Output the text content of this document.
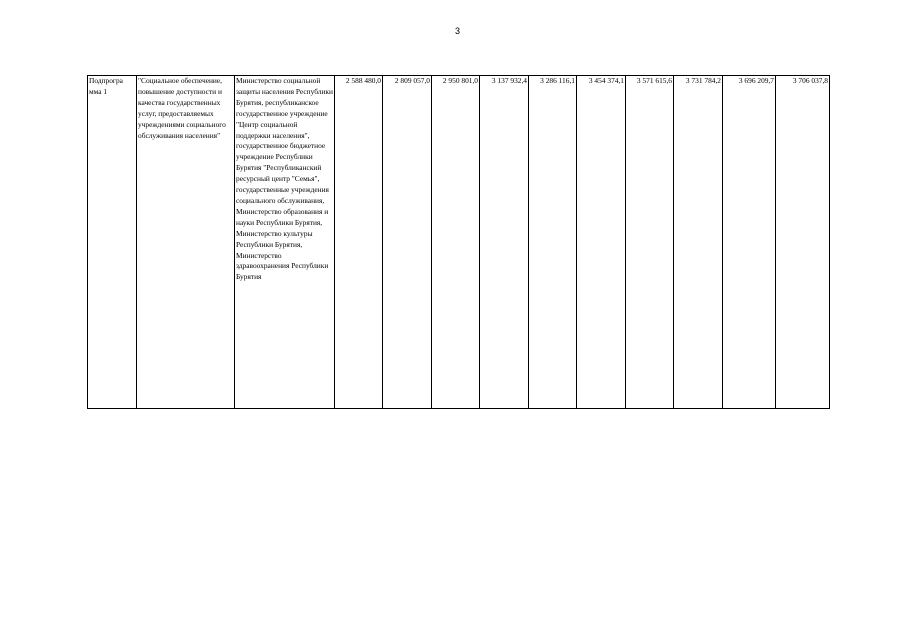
3
Подпрогра мма 1	"Социальное обеспечение, повышение доступности и качества государственных услуг, предоставляемых учреждениями социального обслуживания населения"	Министерство социальной защиты населения Республики Бурятия, республиканское государственное учреждение "Центр социальной поддержки населения", государственное бюджетное учреждение Республики Бурятия "Республиканский ресурсный центр "Семья", государственные учреждения социального обслуживания, Министерство образования и науки Республики Бурятия, Министерство культуры Республики Бурятия, Министерство здравоохранения Республики Бурятия	2 588 480,0	2 809 057,0	2 950 801,0	3 137 932,4	3 286 116,1	3 454 374,1	3 571 615,6	3 731 784,2	3 696 209,7	3 706 037,8
